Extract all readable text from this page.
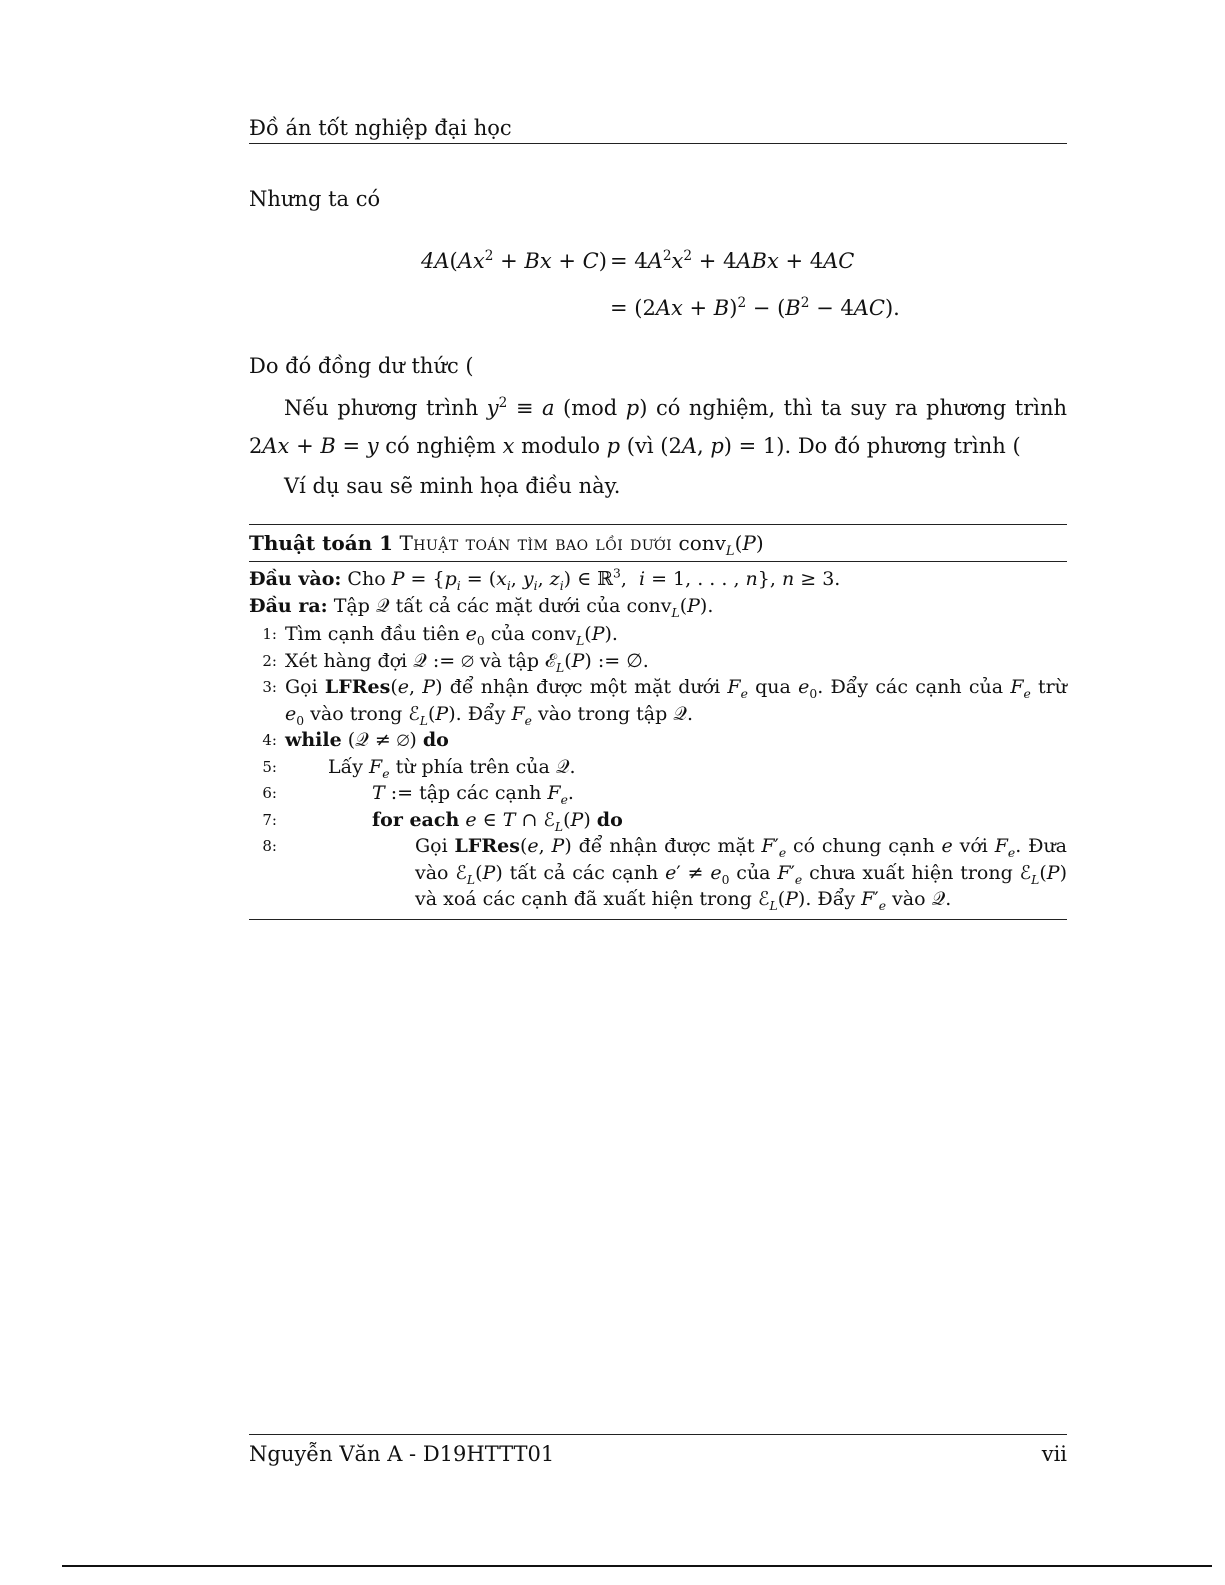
Đồ án tốt nghiệp đại học
Nhưng ta có
$4A(Ax^2 + Bx + C) = 4A^2x^2 + 4ABx + 4AC$
= $(2Ax + B)^2 - (B^2 - 4AC)$.
Do đó đồng dư thức (
Nếu phương trình $y^2 \equiv a$ (mod p) có nghiệm, thì ta suy ra phương trình
2Ax + B = y có nghiệm x modulo p (vì (2A, p) = 1). Do đó phương trình (
Ví dụ sau sẽ minh họa điều này.
Thuật toán 1 Thuật toán tìm bao lồi dưới conv$_L$(P)
Đầu vào: Cho $P = \{p_i = (x_i$, $y_i$, $z_i$) ∈ ℝ$^3$,  i = 1, . . . , n}, n ≥ 3.
Đầu ra: Tập 𝒬 tất cả các mặt dưới của conv$_L$(P).
1: Tìm cạnh đầu tiên $e_0$ của conv$_L$(P).
2: Xét hàng đợi 𝒬 := ∅ và tập ℰ$_L$(P) := ∅.
3: Gọi LFRes(e, P) để nhận được một mặt dưới $F_e$ qua $e_0$. Đẩy các cạnh của $F_e$ trừ $e_0$ vào trong ℰ$_L$(P). Đẩy $F_e$ vào trong tập 𝒬.
4: while (𝒬 ≠ ∅) do
5:	Lấy $F_e$ từ phía trên của 𝒬.
6:	T := tập các cạnh $F_e$.
7:	for each e ∈ T ∩ ℰ$_L$(P) do
8:	Gọi LFRes(e, P) để nhận được mặt $F'_e$ có chung cạnh e với $F_e$. Đưa vào ℰ$_L$(P) tất cả các cạnh $e' \ne e_0$ của $F'_e$ chưa xuất hiện trong ℰ$_L$(P) và xoá các cạnh đã xuất hiện trong ℰ$_L$(P). Đẩy $F'_e$ vào 𝒬.
Nguyễn Văn A - D19HTTT01	vii
